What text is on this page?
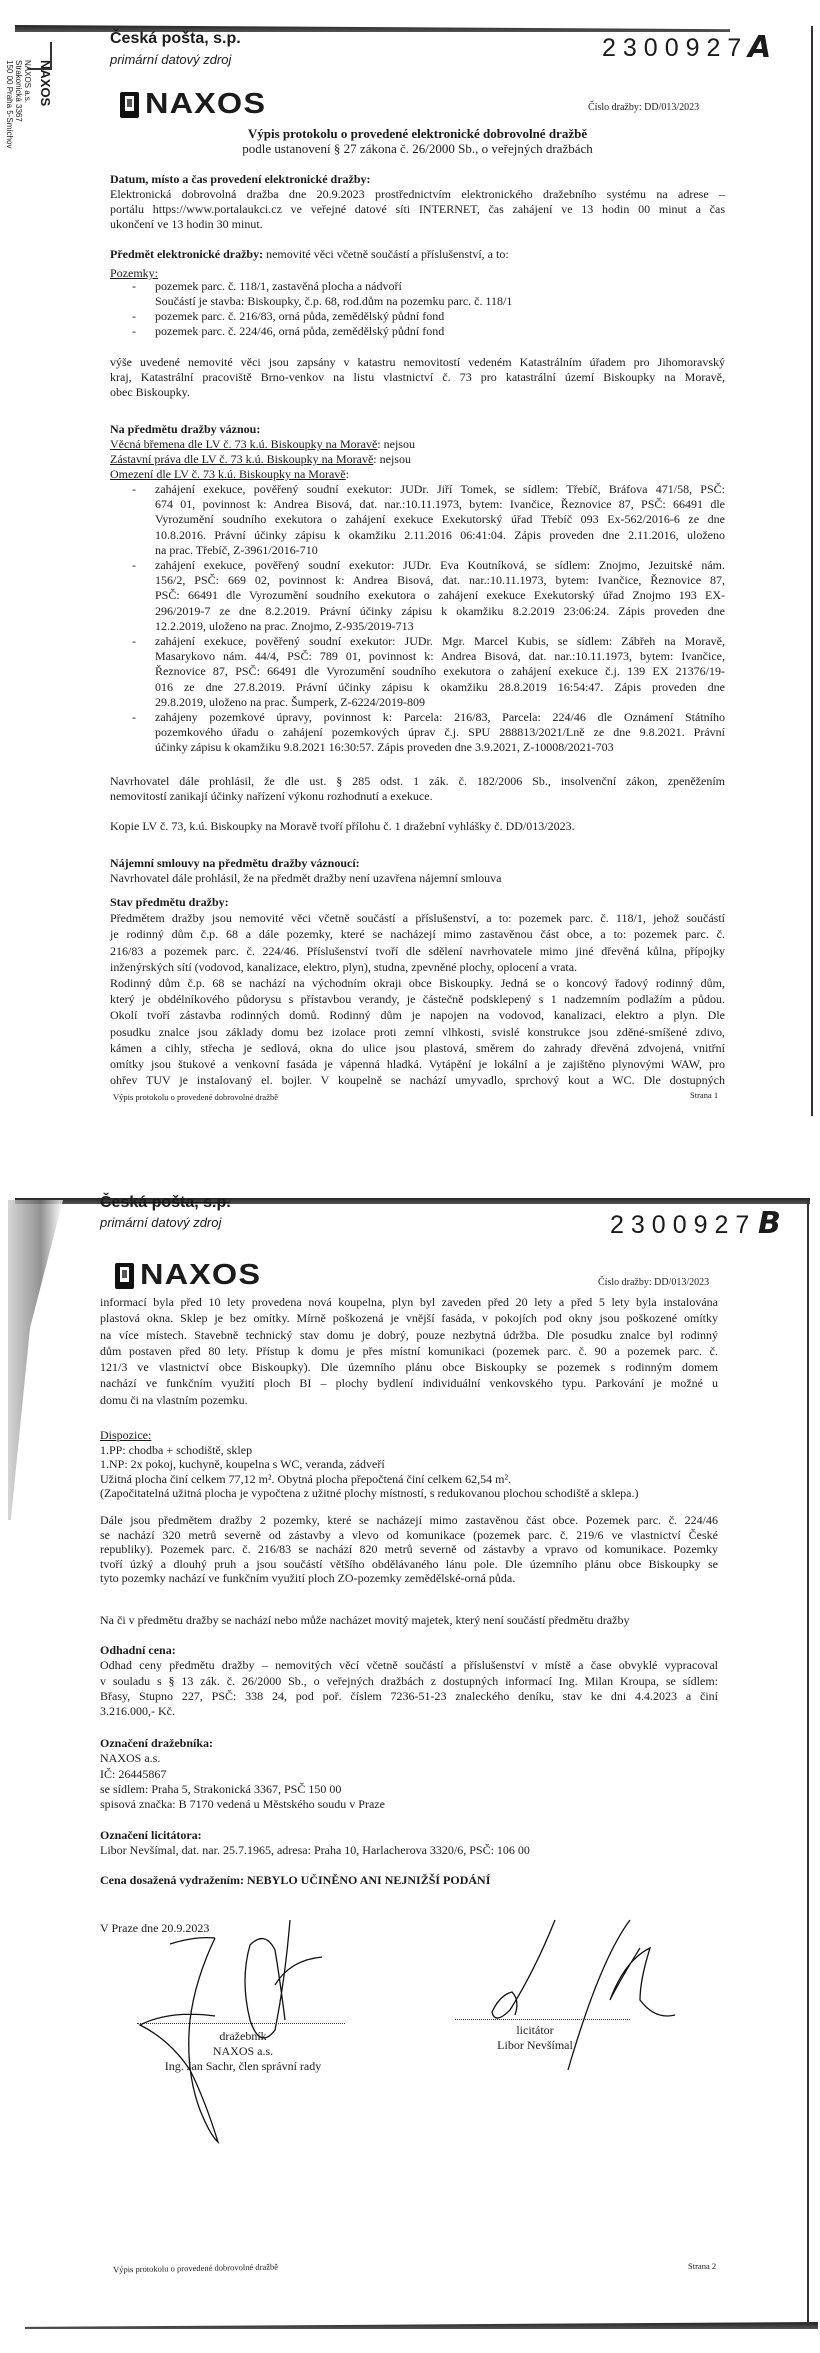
NAXOS
NAXOS a.s.
Strakonická 3367
150 00 Praha 5-Smíchov
Česká pošta, s.p.
primární datový zdroj	2300927 A
NAXOS	Číslo dražby: DD/013/2023
Výpis protokolu o provedené elektronické dobrovolné dražbě
podle ustanovení § 27 zákona č. 26/2000 Sb., o veřejných dražbách
Datum, místo a čas provedení elektronické dražby:
Elektronická dobrovolná dražba dne 20.9.2023 prostřednictvím elektronického dražebního systému na adrese –
portálu https://www.portalaukci.cz ve veřejné datové síti INTERNET, čas zahájení ve 13 hodin 00 minut a čas
ukončení ve 13 hodin 30 minut.
Předmět elektronické dražby: nemovité věci včetně součástí a příslušenství, a to:
Pozemky:
- pozemek parc. č. 118/1, zastavěná plocha a nádvoří
Součástí je stavba: Biskoupky, č.p. 68, rod.dům na pozemku parc. č. 118/1
- pozemek parc. č. 216/83, orná půda, zemědělský půdní fond
- pozemek parc. č. 224/46, orná půda, zemědělský půdní fond
výše uvedené nemovité věci jsou zapsány v katastru nemovitostí vedeném Katastrálním úřadem pro Jihomoravský
kraj, Katastrální pracoviště Brno-venkov na listu vlastnictví č. 73 pro katastrální území Biskoupky na Moravě,
obec Biskoupky.
Na předmětu dražby váznou:
Věcná břemena dle LV č. 73 k.ú. Biskoupky na Moravě: nejsou
Zástavní práva dle LV č. 73 k.ú. Biskoupky na Moravě: nejsou
Omezení dle LV č. 73 k.ú. Biskoupky na Moravě:
- zahájení exekuce, pověřený soudní exekutor: JUDr. Jiří Tomek, se sídlem: Třebíč, Bráfova 471/58, PSČ:
674 01, povinnost k: Andrea Bisová, dat. nar.:10.11.1973, bytem: Ivančice, Řeznovice 87, PSČ: 66491 dle
Vyrozumění soudního exekutora o zahájení exekuce Exekutorský úřad Třebíč 093 Ex-562/2016-6 ze dne
10.8.2016. Právní účinky zápisu k okamžiku 2.11.2016 06:41:04. Zápis proveden dne 2.11.2016, uloženo
na prac. Třebíč, Z-3961/2016-710
- zahájení exekuce, pověřený soudní exekutor: JUDr. Eva Koutníková, se sídlem: Znojmo, Jezuitské nám.
156/2, PSČ: 669 02, povinnost k: Andrea Bisová, dat. nar.:10.11.1973, bytem: Ivančice, Řeznovice 87,
PSČ: 66491 dle Vyrozumění soudního exekutora o zahájení exekuce Exekutorský úřad Znojmo 193 EX-
296/2019-7 ze dne 8.2.2019. Právní účinky zápisu k okamžiku 8.2.2019 23:06:24. Zápis proveden dne
12.2.2019, uloženo na prac. Znojmo, Z-935/2019-713
- zahájení exekuce, pověřený soudní exekutor: JUDr. Mgr. Marcel Kubis, se sídlem: Zábřeh na Moravě,
Masarykovo nám. 44/4, PSČ: 789 01, povinnost k: Andrea Bisová, dat. nar.:10.11.1973, bytem: Ivančice,
Řeznovice 87, PSČ: 66491 dle Vyrozumění soudního exekutora o zahájení exekuce č.j. 139 EX 21376/19-
016 ze dne 27.8.2019. Právní účinky zápisu k okamžiku 28.8.2019 16:54:47. Zápis proveden dne
29.8.2019, uloženo na prac. Šumperk, Z-6224/2019-809
- zahájeny pozemkové úpravy, povinnost k: Parcela: 216/83, Parcela: 224/46 dle Oznámení Státního
pozemkového úřadu o zahájení pozemkových úprav č.j. SPU 288813/2021/Lně ze dne 9.8.2021. Právní
účinky zápisu k okamžiku 9.8.2021 16:30:57. Zápis proveden dne 3.9.2021, Z-10008/2021-703
Navrhovatel dále prohlásil, že dle ust. § 285 odst. 1 zák. č. 182/2006 Sb., insolvenční zákon, zpeněžením
nemovitostí zanikají účinky nařízení výkonu rozhodnutí a exekuce.
Kopie LV č. 73, k.ú. Biskoupky na Moravě tvoří přílohu č. 1 dražební vyhlášky č. DD/013/2023.
Nájemní smlouvy na předmětu dražby váznoucí:
Navrhovatel dále prohlásil, že na předmět dražby není uzavřena nájemní smlouva
Stav předmětu dražby:
Předmětem dražby jsou nemovité věci včetně součástí a příslušenství, a to: pozemek parc. č. 118/1, jehož součástí
je rodinný dům č.p. 68 a dále pozemky, které se nacházejí mimo zastavěnou část obce, a to: pozemek parc. č.
216/83 a pozemek parc. č. 224/46. Příslušenství tvoří dle sdělení navrhovatele mimo jiné dřevěná kůlna, přípojky
inženýrských sítí (vodovod, kanalizace, elektro, plyn), studna, zpevněné plochy, oplocení a vrata.
Rodinný dům č.p. 68 se nachází na východním okraji obce Biskoupky. Jedná se o koncový řadový rodinný dům,
který je obdélníkového půdorysu s přístavbou verandy, je částečně podsklepený s 1 nadzemním podlažím a půdou.
Okolí tvoří zástavba rodinných domů. Rodinný dům je napojen na vodovod, kanalizaci, elektro a plyn. Dle
posudku znalce jsou základy domu bez izolace proti zemní vlhkosti, svislé konstrukce jsou zděné-smíšené zdivo,
kámen a cihly, střecha je sedlová, okna do ulice jsou plastová, směrem do zahrady dřevěná zdvojená, vnitřní
omítky jsou štukové a venkovní fasáda je vápenná hladká. Vytápění je lokální a je zajištěno plynovými WAW, pro
ohřev TUV je instalovaný el. bojler. V koupelně se nachází umyvadlo, sprchový kout a WC. Dle dostupných
Výpis protokolu o provedené dobrovolné dražbě	Strana 1
Česká pošta, s.p.
primární datový zdroj	2300927 B
NAXOS	Číslo dražby: DD/013/2023
informací byla před 10 lety provedena nová koupelna, plyn byl zaveden před 20 lety a před 5 lety byla instalována
plastová okna. Sklep je bez omítky. Mírně poškozená je vnější fasáda, v pokojích pod okny jsou poškozené omítky
na více místech. Stavebně technický stav domu je dobrý, pouze nezbytná údržba. Dle posudku znalce byl rodinný
dům postaven před 80 lety. Přístup k domu je přes místní komunikaci (pozemek parc. č. 90 a pozemek parc. č.
121/3 ve vlastnictví obce Biskoupky). Dle územního plánu obce Biskoupky se pozemek s rodinným domem
nachází ve funkčním využití ploch BI – plochy bydlení individuální venkovského typu. Parkování je možné u
domu či na vlastním pozemku.
Dispozice:
1.PP: chodba + schodiště, sklep
1.NP: 2x pokoj, kuchyně, koupelna s WC, veranda, zádveří
Užitná plocha činí celkem 77,12 m². Obytná plocha přepočtená činí celkem 62,54 m².
(Započitatelná užitná plocha je vypočtena z užitné plochy místností, s redukovanou plochou schodiště a sklepa.)
Dále jsou předmětem dražby 2 pozemky, které se nacházejí mimo zastavěnou část obce. Pozemek parc. č. 224/46
se nachází 320 metrů severně od zástavby a vlevo od komunikace (pozemek parc. č. 219/6 ve vlastnictví České
republiky). Pozemek parc. č. 216/83 se nachází 820 metrů severně od zástavby a vpravo od komunikace. Pozemky
tvoří úzký a dlouhý pruh a jsou součástí většího obdělávaného lánu pole. Dle územního plánu obce Biskoupky se
tyto pozemky nachází ve funkčním využití ploch ZO-pozemky zemědělské-orná půda.
Na či v předmětu dražby se nachází nebo může nacházet movitý majetek, který není součástí předmětu dražby
Odhadní cena:
Odhad ceny předmětu dražby – nemovitých věcí včetně součástí a příslušenství v místě a čase obvyklé vypracoval
v souladu s § 13 zák. č. 26/2000 Sb., o veřejných dražbách z dostupných informací Ing. Milan Kroupa, se sídlem:
Břasy, Stupno 227, PSČ: 338 24, pod poř. číslem 7236-51-23 znaleckého deníku, stav ke dni 4.4.2023 a činí
3.216.000,- Kč.
Označení dražebníka:
NAXOS a.s.
IČ: 26445867
se sídlem: Praha 5, Strakonická 3367, PSČ 150 00
spisová značka: B 7170 vedená u Městského soudu v Praze
Označení licitátora:
Libor Nevšímal, dat. nar. 25.7.1965, adresa: Praha 10, Harlacherova 3320/6, PSČ: 106 00
Cena dosažená vydražením: NEBYLO UČINĚNO ANI NEJNIŽŠÍ PODÁNÍ
V Praze dne 20.9.2023
dražebník
NAXOS a.s.
Ing. Jan Sachr, člen správní rady
licitátor
Libor Nevšímal
Výpis protokolu o provedené dobrovolné dražbě	Strana 2
